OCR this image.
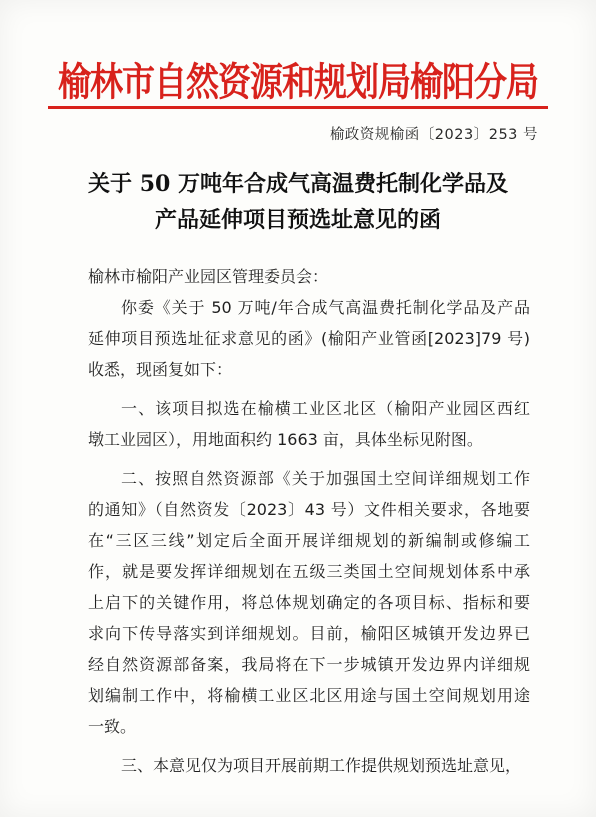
榆林市自然资源和规划局榆阳分局
榆政资规榆函〔2023〕253 号
关于 50 万吨年合成气高温费托制化学品及
产品延伸项目预选址意见的函
榆林市榆阳产业园区管理委员会：
你委《关于 50 万吨/年合成气高温费托制化学品及产品
延伸项目预选址征求意见的函》(榆阳产业管函[2023]79 号)
收悉，现函复如下：
一、该项目拟选在榆横工业区北区（榆阳产业园区西红
墩工业园区），用地面积约 1663 亩，具体坐标见附图。
二、按照自然资源部《关于加强国土空间详细规划工作
的通知》（自然资发〔2023〕43 号）文件相关要求，各地要
在“三区三线”划定后全面开展详细规划的新编制或修编工
作，就是要发挥详细规划在五级三类国土空间规划体系中承
上启下的关键作用，将总体规划确定的各项目标、指标和要
求向下传导落实到详细规划。目前，榆阳区城镇开发边界已
经自然资源部备案，我局将在下一步城镇开发边界内详细规
划编制工作中，将榆横工业区北区用途与国土空间规划用途
一致。
三、本意见仅为项目开展前期工作提供规划预选址意见，
